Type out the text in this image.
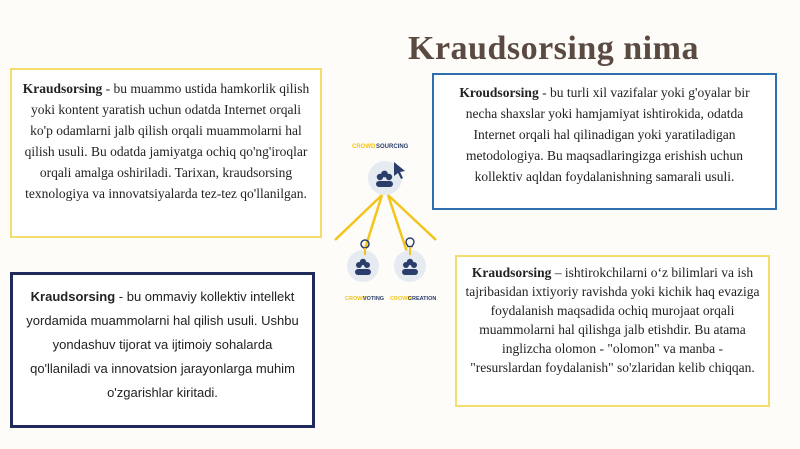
Kraudsorsing nima
Kraudsorsing - bu muammo ustida hamkorlik qilish yoki kontent yaratish uchun odatda Internet orqali ko'p odamlarni jalb qilish orqali muammolarni hal qilish usuli. Bu odatda jamiyatga ochiq qo'ng'iroqlar orqali amalga oshiriladi. Tarixan, kraudsorsing texnologiya va innovatsiyalarda tez-tez qo'llanilgan.
Kroudsorsing - bu turli xil vazifalar yoki g'oyalar bir necha shaxslar yoki hamjamiyat ishtirokida, odatda Internet orqali hal qilinadigan yoki yaratiladigan metodologiya. Bu maqsadlaringizga erishish uchun kollektiv aqldan foydalanishning samarali usuli.
Kraudsorsing - bu ommaviy kollektiv intellekt yordamida muammolarni hal qilish usuli. Ushbu yondashuv tijorat va ijtimoiy sohalarda qo'llaniladi va innovatsion jarayonlarga muhim o'zgarishlar kiritadi.
Kraudsorsing – ishtirokchilarni o‘z bilimlari va ish tajribasidan ixtiyoriy ravishda yoki kichik haq evaziga foydalanish maqsadida ochiq murojaat orqali muammolarni hal qilishga jalb etishdir. Bu atama inglizcha olomon - "olomon" va manba - "resurslardan foydalanish" so'zlaridan kelib chiqqan.
CROWD SOURCING
CROWD
VOTING CROWD
CREATION
